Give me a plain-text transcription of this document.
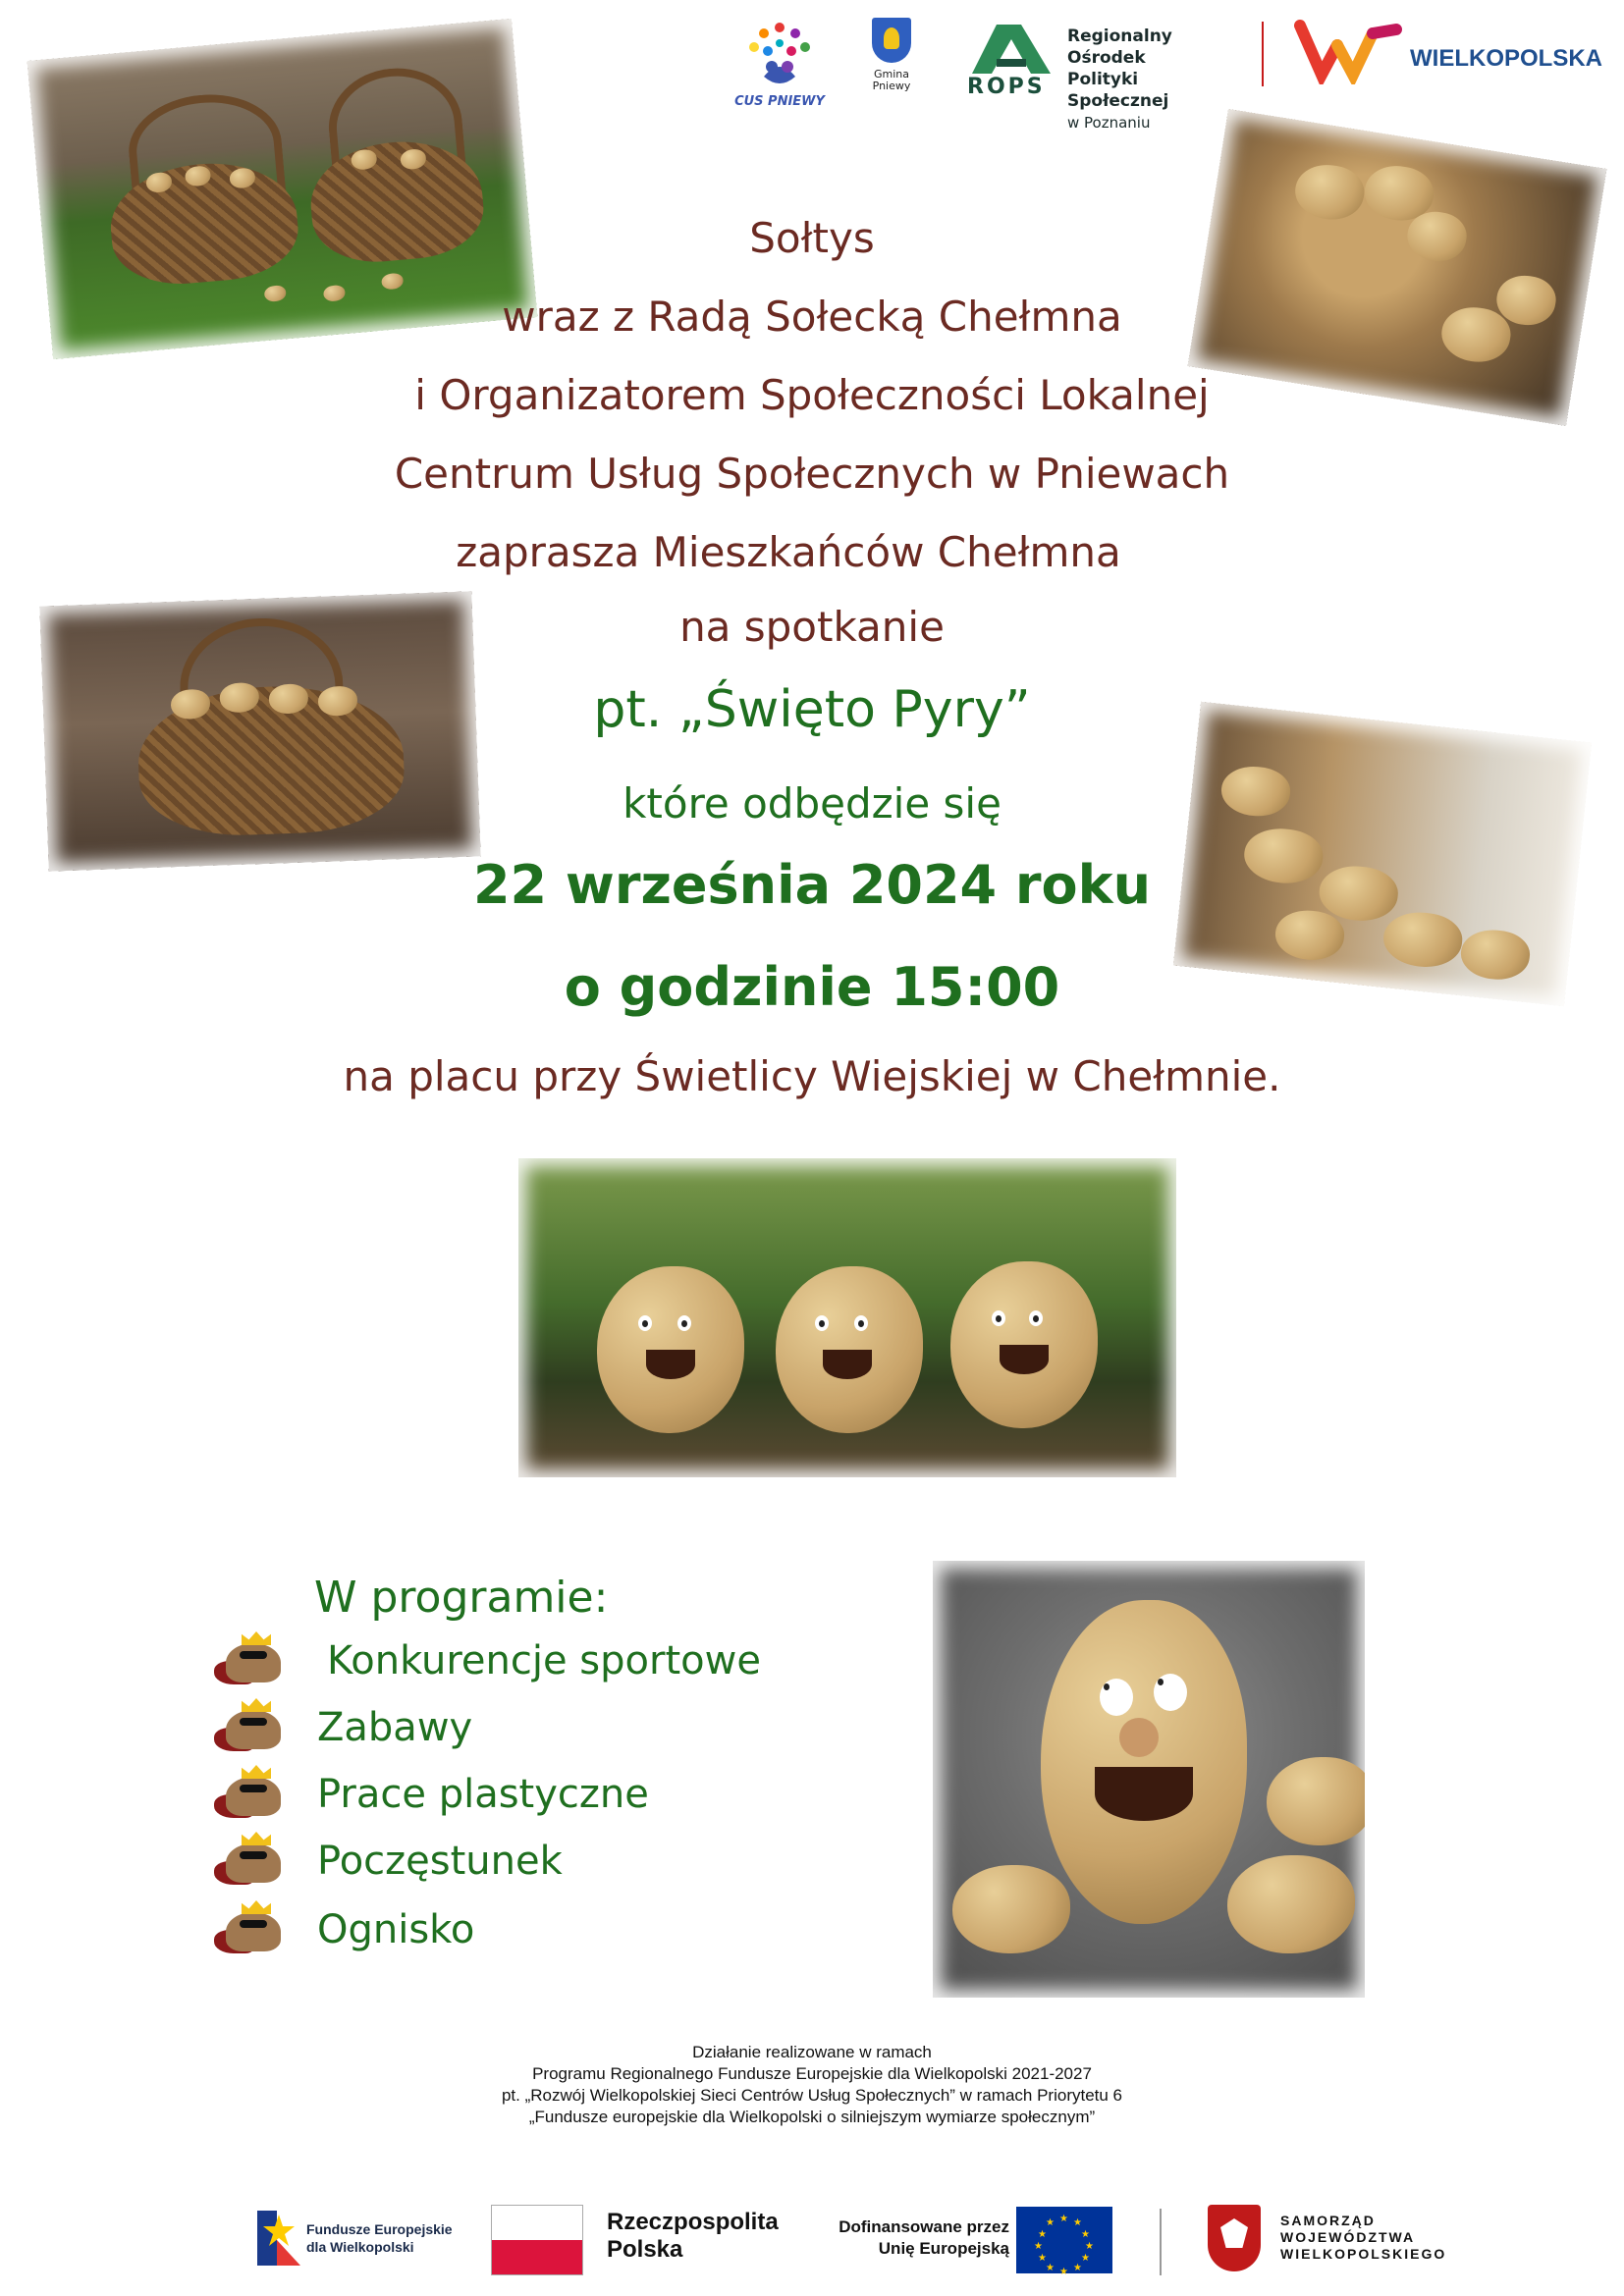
CUS PNIEWY
Gmina Pniewy	ROPS
Regionalny Ośrodek
Polityki Społecznej
w Poznaniu
WIELKOPOLSKA
Sołtys
wraz z Radą Sołecką Chełmna
i Organizatorem Społeczności Lokalnej
Centrum Usług Społecznych w Pniewach
zaprasza Mieszkańców Chełmna
na spotkanie
pt. „Święto Pyry”
które odbędzie się
22 września 2024 roku
o godzinie 15:00
na placu przy Świetlicy Wiejskiej w Chełmnie.
W programie:
Konkurencje sportowe
Zabawy
Prace plastyczne
Poczęstunek
Ognisko
Działanie realizowane w ramach
Programu Regionalnego Fundusze Europejskie dla Wielkopolski 2021-2027
pt. „Rozwój Wielkopolskiej Sieci Centrów Usług Społecznych” w ramach Priorytetu 6
„Fundusze europejskie dla Wielkopolski o silniejszym wymiarze społecznym”
Fundusze Europejskie
dla Wielkopolski
Rzeczpospolita
Polska
Dofinansowane przez
Unię Europejską
★ ★
★
★
★
★
★
★
★
★
★
★	SAMORZĄD
WOJEWÓDZTWA
WIELKOPOLSKIEGO
